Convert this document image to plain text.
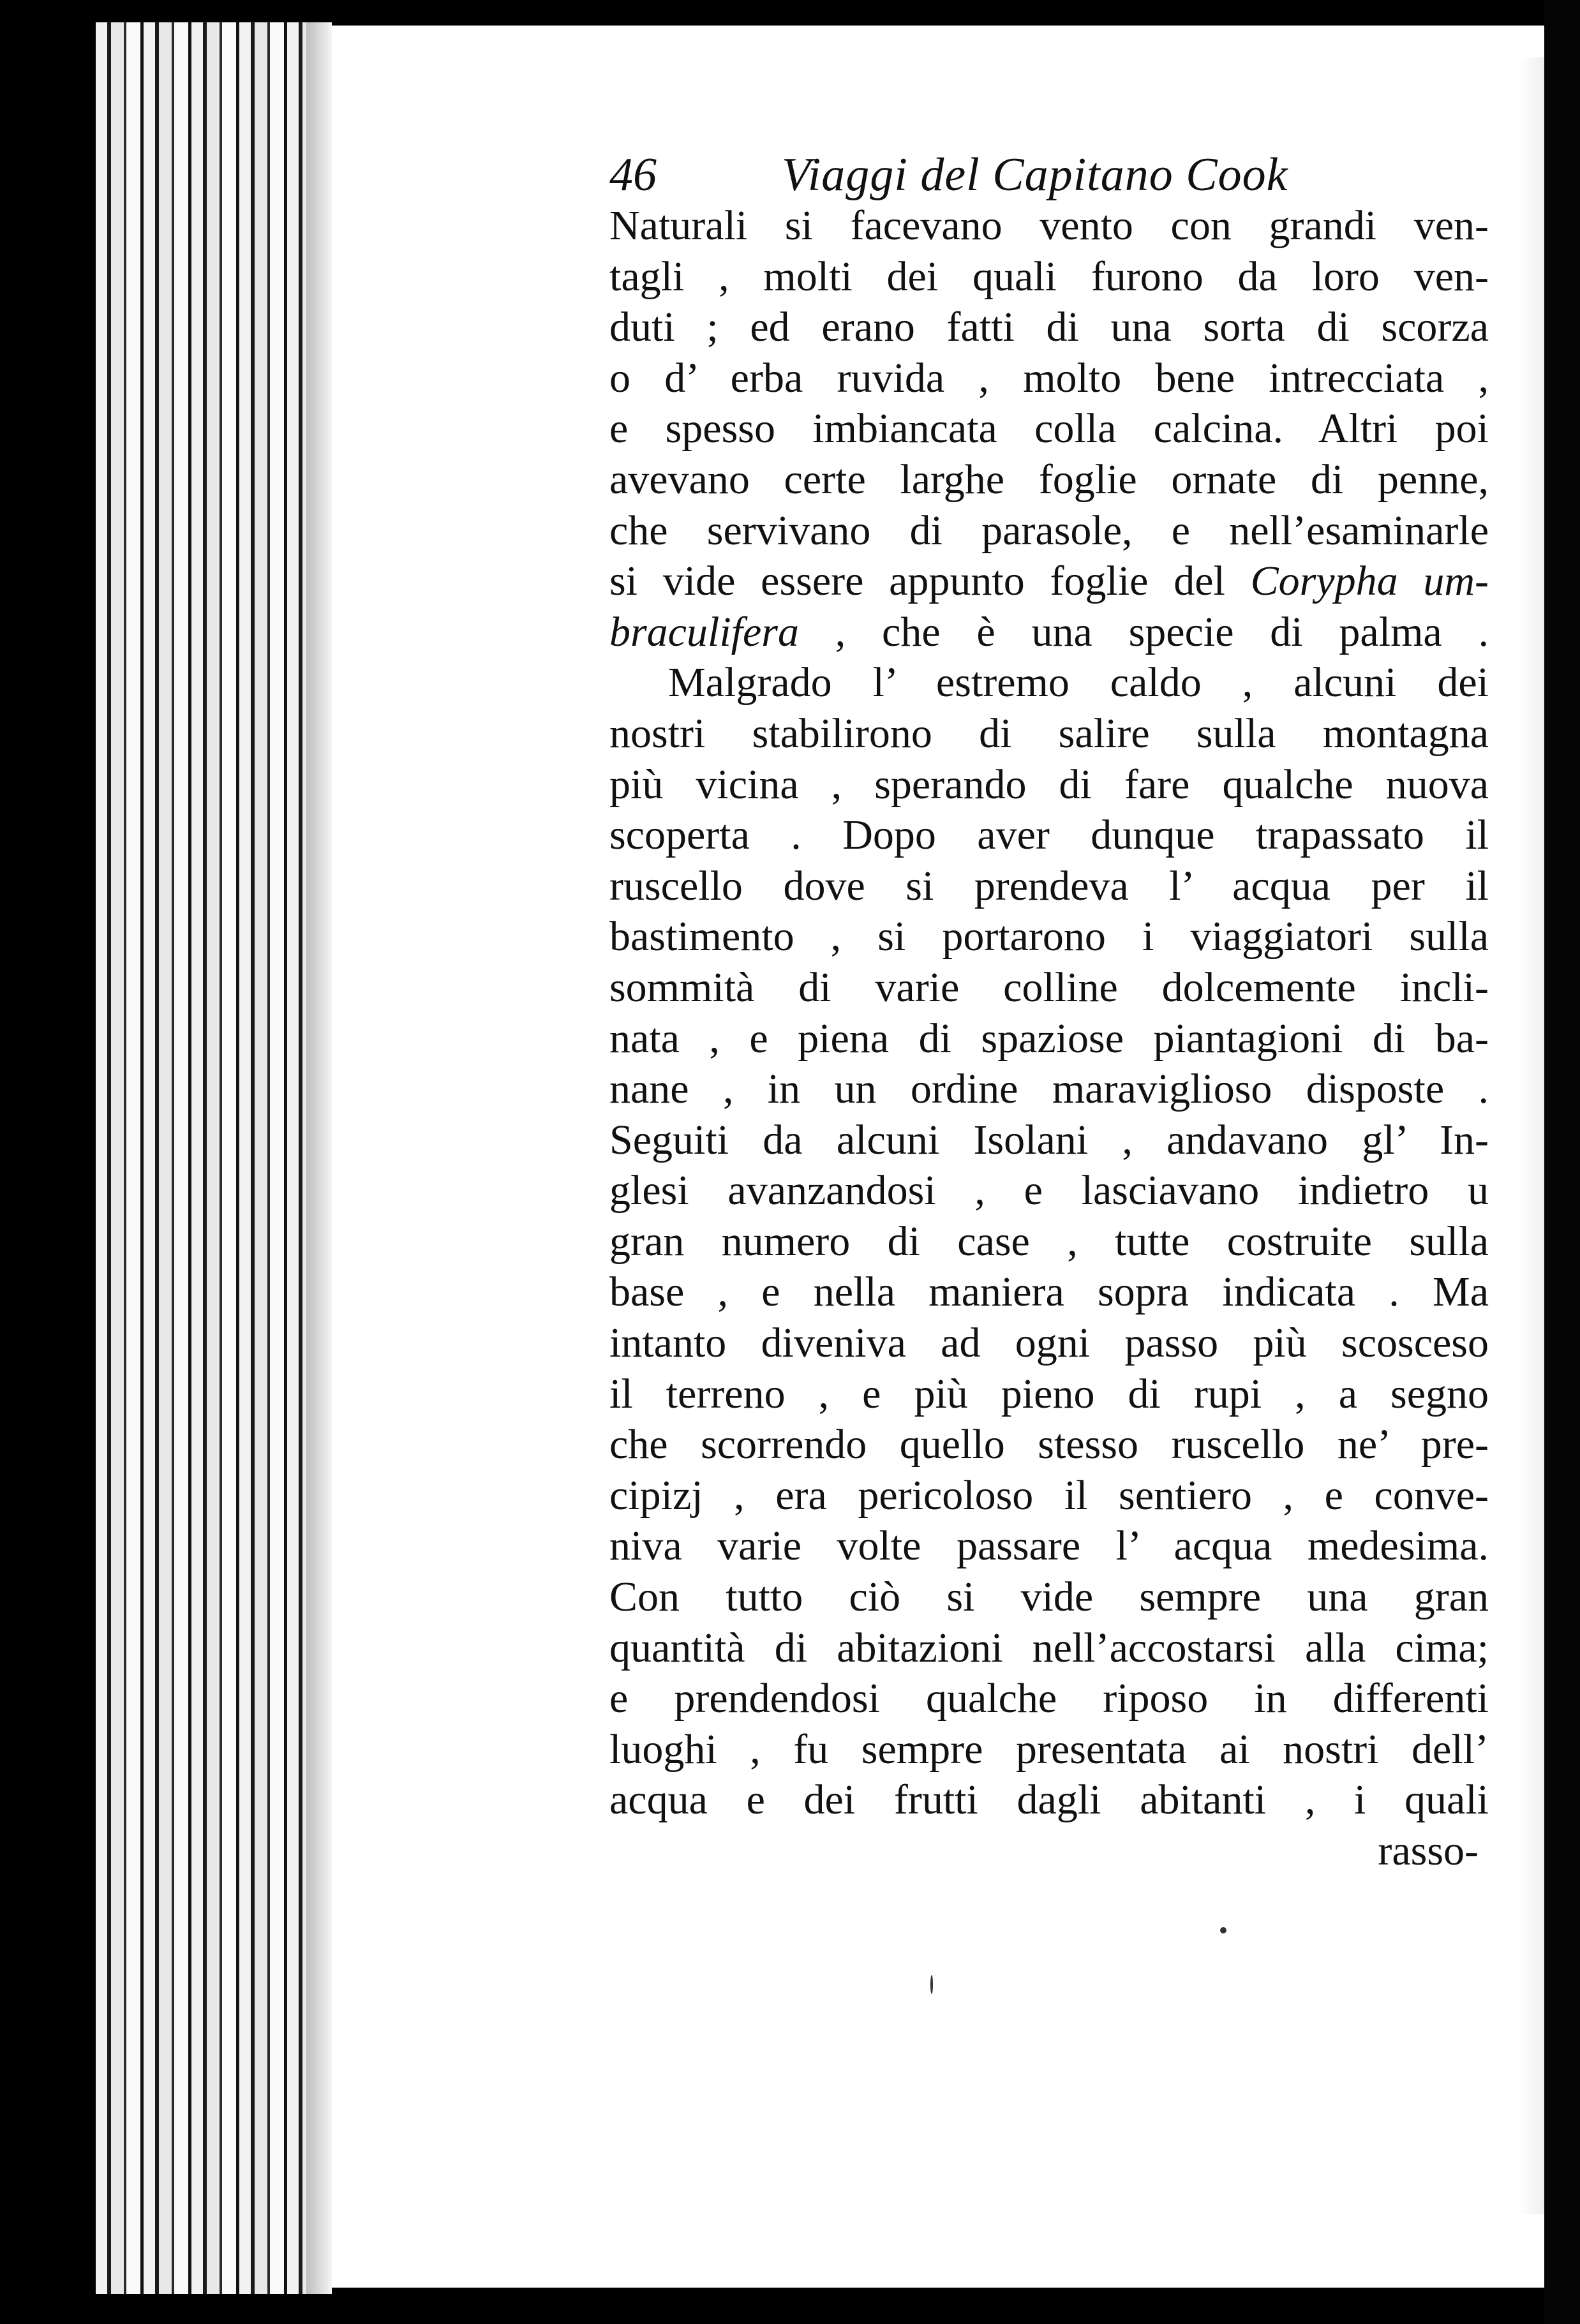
46	Viaggi del Capitano Cook
Naturali si facevano vento con grandi ven-
tagli , molti dei quali furono da loro ven-
duti ; ed erano fatti di una sorta di scorza
o d’ erba ruvida , molto bene intrecciata ,
e spesso imbiancata colla calcina. Altri poi
avevano certe larghe foglie ornate di penne,
che servivano di parasole, e nell’esaminarle
si vide essere appunto foglie del Corypha um-
braculifera , che è una specie di palma .
Malgrado l’ estremo caldo , alcuni dei
nostri stabilirono di salire sulla montagna
più vicina , sperando di fare qualche nuova
scoperta . Dopo aver dunque trapassato il
ruscello dove si prendeva l’ acqua per il
bastimento , si portarono i viaggiatori sulla
sommità di varie colline dolcemente incli-
nata , e piena di spaziose piantagioni di ba-
nane , in un ordine maraviglioso disposte .
Seguiti da alcuni Isolani , andavano gl’ In-
glesi avanzandosi , e lasciavano indietro u
gran numero di case , tutte costruite sulla
base , e nella maniera sopra indicata . Ma
intanto diveniva ad ogni passo più scosceso
il terreno , e più pieno di rupi , a segno
che scorrendo quello stesso ruscello ne’ pre-
cipizj , era pericoloso il sentiero , e conve-
niva varie volte passare l’ acqua medesima.
Con tutto ciò si vide sempre una gran
quantità di abitazioni nell’accostarsi alla cima;
e prendendosi qualche riposo in differenti
luoghi , fu sempre presentata ai nostri dell’
acqua e dei frutti dagli abitanti , i quali
rasso-
